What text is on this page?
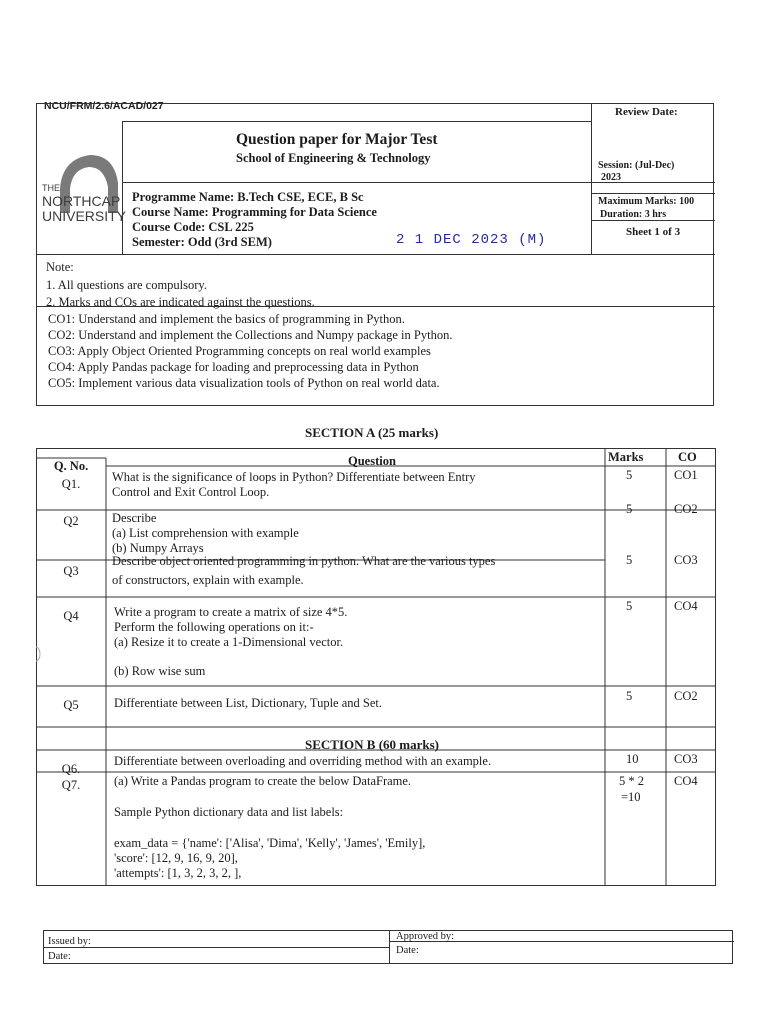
NCU/FRM/2.6/ACAD/027
THE
NORTHCAP
UNIVERSITY
Question paper for Major Test
School of Engineering & Technology
Programme Name: B.Tech CSE, ECE, B Sc
Course Name: Programming for Data Science
Course Code: CSL 225
Semester: Odd (3rd SEM)	2 1 DEC 2023 (M)
Review Date:
Session: (Jul-Dec)
2023
Maximum Marks: 100
Duration: 3 hrs
Sheet 1 of 3
Note:
1. All questions are compulsory.
2. Marks and COs are indicated against the questions.
CO1: Understand and implement the basics of programming in Python.
CO2: Understand and implement the Collections and Numpy package in Python.
CO3: Apply Object Oriented Programming concepts on real world examples
CO4: Apply Pandas package for loading and preprocessing data in Python
CO5: Implement various data visualization tools of Python on real world data.
SECTION A (25 marks)
Q. No.	Question	Marks	CO
Q1.	What is the significance of loops in Python? Differentiate between Entry
Control and Exit Control Loop.
5	CO1
Q2	Describe
(a) List comprehension with example
(b) Numpy Arrays
5	CO2
Q3
Describe object oriented programming in python. What are the various types
of constructors, explain with example.
5	CO3
Q4	Write a program to create a matrix of size 4*5.
Perform the following operations on it:-
(a) Resize it to create a 1-Dimensional vector.
(b) Row wise sum
5	CO4
Q5	Differentiate between List, Dictionary, Tuple and Set.	5	CO2
Q6.
Differentiate between overloading and overriding method with an example.	10	CO3
Q7.	(a) Write a Pandas program to create the below DataFrame.
Sample Python dictionary data and list labels:
exam_data = {'name': ['Alisa', 'Dima', 'Kelly', 'James', 'Emily],
'score': [12, 9, 16, 9, 20],
'attempts': [1, 3, 2, 3, 2, ],
5 * 2
=10
CO4
SECTION B (60 marks)
Issued by:
Date:
Approved by:
Date:
